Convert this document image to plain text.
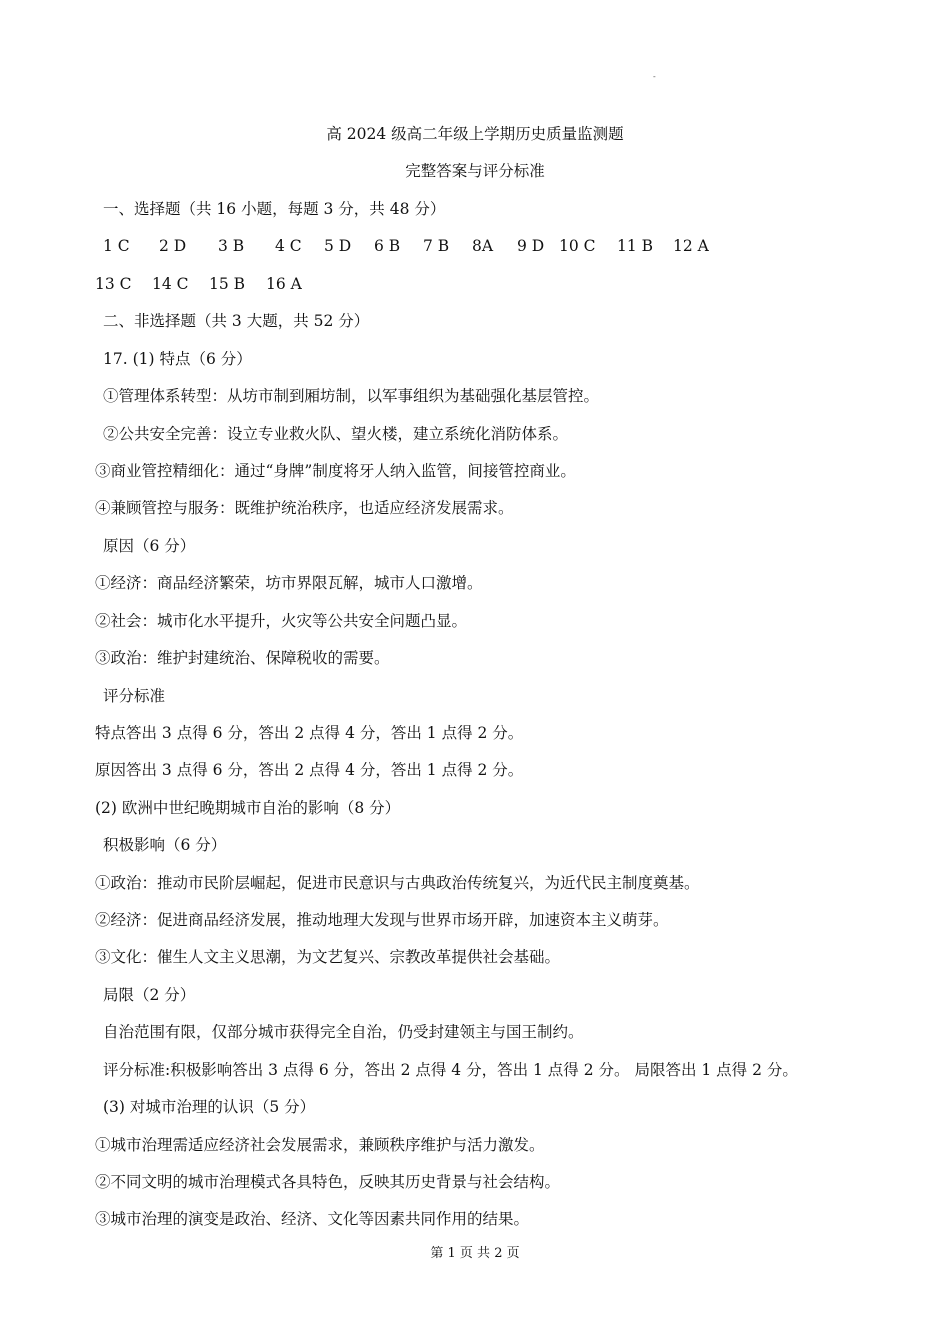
-
高 2024 级高二年级上学期历史质量监测题
完整答案与评分标准
一、选择题（共 16 小题，每题 3 分，共 48 分）
1 C 2 D 3 B 4 C 5 D 6 B 7 B 8A 9 D 10 C 11 B 12 A
13 C 14 C 15 B 16 A
二、非选择题（共 3 大题，共 52 分）
17. (1) 特点（6 分）
①管理体系转型：从坊市制到厢坊制，以军事组织为基础强化基层管控。
②公共安全完善：设立专业救火队、望火楼，建立系统化消防体系。
③商业管控精细化：通过“身牌”制度将牙人纳入监管，间接管控商业。
④兼顾管控与服务：既维护统治秩序，也适应经济发展需求。
原因（6 分）
①经济：商品经济繁荣，坊市界限瓦解，城市人口激增。
②社会：城市化水平提升，火灾等公共安全问题凸显。
③政治：维护封建统治、保障税收的需要。
评分标准
特点答出 3 点得 6 分，答出 2 点得 4 分，答出 1 点得 2 分。
原因答出 3 点得 6 分，答出 2 点得 4 分，答出 1 点得 2 分。
(2) 欧洲中世纪晚期城市自治的影响（8 分）
积极影响（6 分）
①政治：推动市民阶层崛起，促进市民意识与古典政治传统复兴，为近代民主制度奠基。
②经济：促进商品经济发展，推动地理大发现与世界市场开辟，加速资本主义萌芽。
③文化：催生人文主义思潮，为文艺复兴、宗教改革提供社会基础。
局限（2 分）
自治范围有限，仅部分城市获得完全自治，仍受封建领主与国王制约。
评分标准:积极影响答出 3 点得 6 分，答出 2 点得 4 分，答出 1 点得 2 分。 局限答出 1 点得 2 分。
(3) 对城市治理的认识（5 分）
①城市治理需适应经济社会发展需求，兼顾秩序维护与活力激发。
②不同文明的城市治理模式各具特色，反映其历史背景与社会结构。
③城市治理的演变是政治、经济、文化等因素共同作用的结果。
第 1 页 共 2 页
